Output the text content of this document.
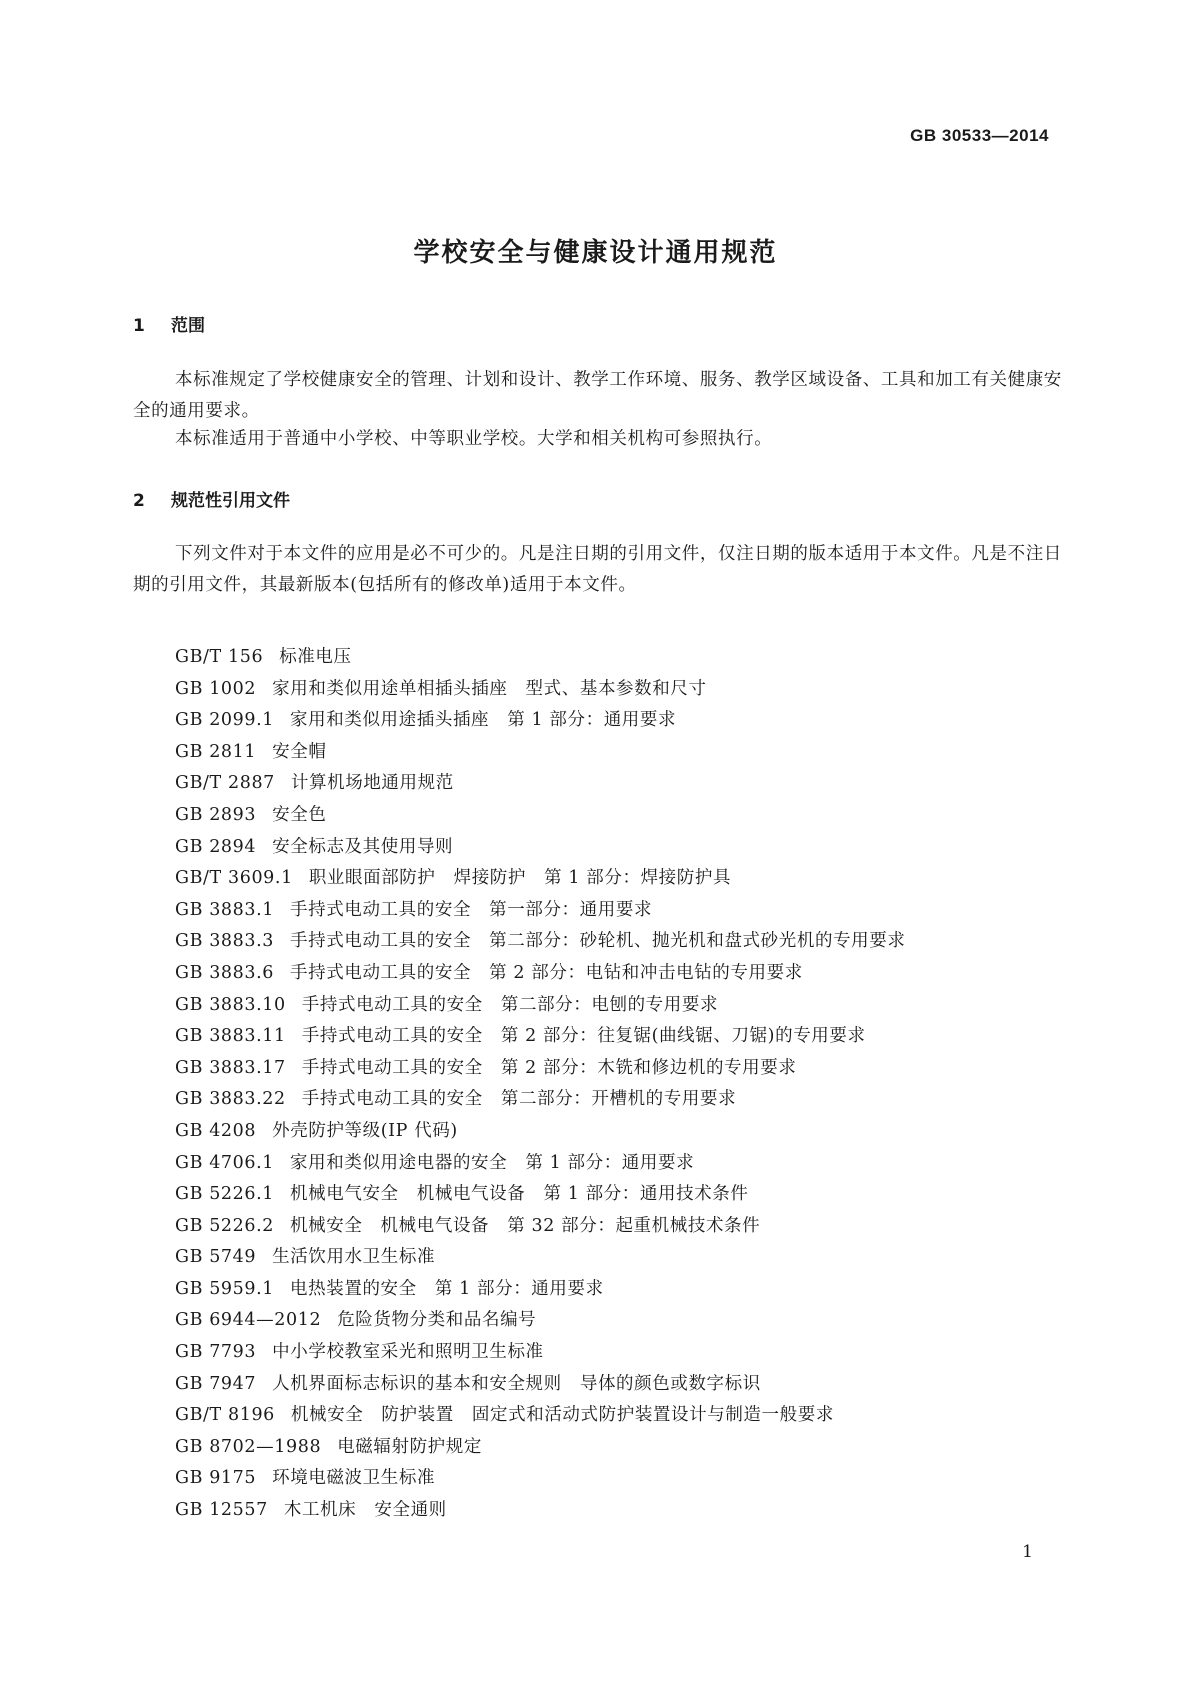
GB 30533—2014
学校安全与健康设计通用规范
1 范围
本标准规定了学校健康安全的管理、计划和设计、教学工作环境、服务、教学区域设备、工具和加工有关健康安全的通用要求。
本标准适用于普通中小学校、中等职业学校。大学和相关机构可参照执行。
2 规范性引用文件
下列文件对于本文件的应用是必不可少的。凡是注日期的引用文件，仅注日期的版本适用于本文件。凡是不注日期的引用文件，其最新版本(包括所有的修改单)适用于本文件。
GB/T 156 标准电压
GB 1002 家用和类似用途单相插头插座　型式、基本参数和尺寸
GB 2099.1 家用和类似用途插头插座　第 1 部分：通用要求
GB 2811 安全帽
GB/T 2887 计算机场地通用规范
GB 2893 安全色
GB 2894 安全标志及其使用导则
GB/T 3609.1 职业眼面部防护　焊接防护　第 1 部分：焊接防护具
GB 3883.1 手持式电动工具的安全　第一部分：通用要求
GB 3883.3 手持式电动工具的安全　第二部分：砂轮机、抛光机和盘式砂光机的专用要求
GB 3883.6 手持式电动工具的安全　第 2 部分：电钻和冲击电钻的专用要求
GB 3883.10 手持式电动工具的安全　第二部分：电刨的专用要求
GB 3883.11 手持式电动工具的安全　第 2 部分：往复锯(曲线锯、刀锯)的专用要求
GB 3883.17 手持式电动工具的安全　第 2 部分：木铣和修边机的专用要求
GB 3883.22 手持式电动工具的安全　第二部分：开槽机的专用要求
GB 4208 外壳防护等级(IP 代码)
GB 4706.1 家用和类似用途电器的安全　第 1 部分：通用要求
GB 5226.1 机械电气安全　机械电气设备　第 1 部分：通用技术条件
GB 5226.2 机械安全　机械电气设备　第 32 部分：起重机械技术条件
GB 5749 生活饮用水卫生标准
GB 5959.1 电热装置的安全　第 1 部分：通用要求
GB 6944—2012 危险货物分类和品名编号
GB 7793 中小学校教室采光和照明卫生标准
GB 7947 人机界面标志标识的基本和安全规则　导体的颜色或数字标识
GB/T 8196 机械安全　防护装置　固定式和活动式防护装置设计与制造一般要求
GB 8702—1988 电磁辐射防护规定
GB 9175 环境电磁波卫生标准
GB 12557 木工机床　安全通则
1
